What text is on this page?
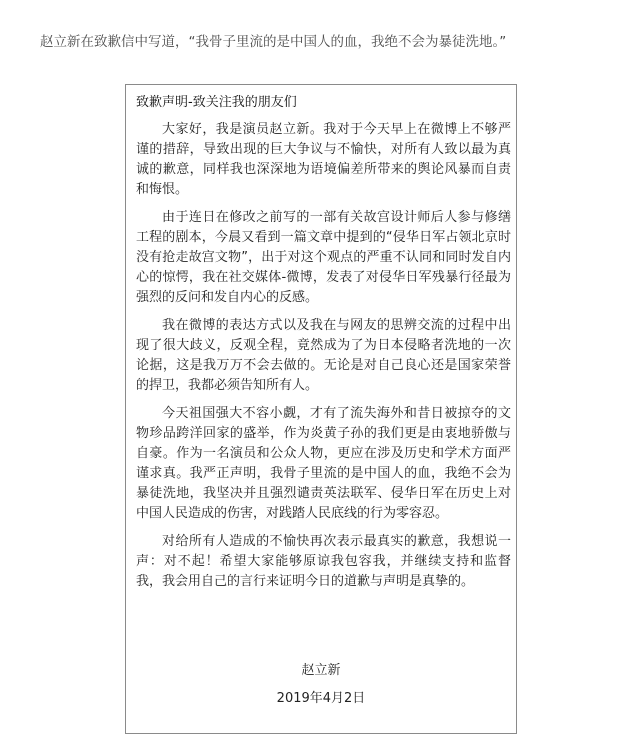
赵立新在致歉信中写道，“我骨子里流的是中国人的血，我绝不会为暴徒洗地。”
致歉声明-致关注我的朋友们

大家好，我是演员赵立新。我对于今天早上在微博上不够严谨的措辞，导致出现的巨大争议与不愉快，对所有人致以最为真诚的歉意，同样我也深深地为语境偏差所带来的舆论风暴而自责和悔恨。

由于连日在修改之前写的一部有关故宫设计师后人参与修缮工程的剧本，今晨又看到一篇文章中提到的“侵华日军占领北京时没有抢走故宫文物”，出于对这个观点的严重不认同和同时发自内心的惊愕，我在社交媒体-微博，发表了对侵华日军残暴行径最为强烈的反问和发自内心的反感。

我在微博的表达方式以及我在与网友的思辨交流的过程中出现了很大歧义，反观全程，竟然成为了为日本侵略者洗地的一次论据，这是我万万不会去做的。无论是对自己良心还是国家荣誉的捍卫，我都必须告知所有人。

今天祖国强大不容小觑，才有了流失海外和昔日被掠夺的文物珍品跨洋回家的盛举，作为炎黄子孙的我们更是由衷地骄傲与自豪。作为一名演员和公众人物，更应在涉及历史和学术方面严谨求真。我严正声明，我骨子里流的是中国人的血，我绝不会为暴徒洗地，我坚决并且强烈谴责英法联军、侵华日军在历史上对中国人民造成的伤害，对践踏人民底线的行为零容忍。

对给所有人造成的不愉快再次表示最真实的歉意，我想说一声：对不起！希望大家能够原谅我包容我，并继续支持和监督我，我会用自己的言行来证明今日的道歉与声明是真挚的。

赵立新
2019年4月2日
